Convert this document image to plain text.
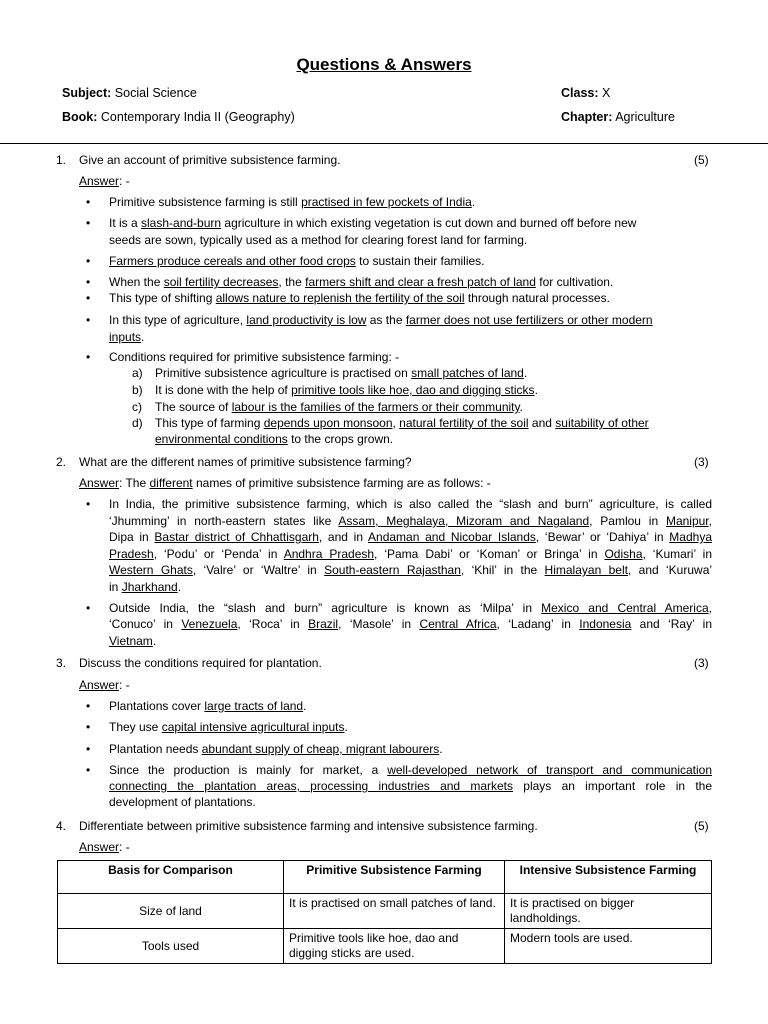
Questions & Answers
Subject: Social Science	Class: X
Book: Contemporary India II (Geography)	Chapter: Agriculture
1. Give an account of primitive subsistence farming.	(5)
Answer: -
• Primitive subsistence farming is still practised in few pockets of India.
• It is a slash-and-burn agriculture in which existing vegetation is cut down and burned off before new
seeds are sown, typically used as a method for clearing forest land for farming.
• Farmers produce cereals and other food crops to sustain their families.
• When the soil fertility decreases, the farmers shift and clear a fresh patch of land for cultivation.
• This type of shifting allows nature to replenish the fertility of the soil through natural processes.
• In this type of agriculture, land productivity is low as the farmer does not use fertilizers or other modern
inputs.
• Conditions required for primitive subsistence farming: -
a) Primitive subsistence agriculture is practised on small patches of land.
b) It is done with the help of primitive tools like hoe, dao and digging sticks.
c) The source of labour is the families of the farmers or their community.
d) This type of farming depends upon monsoon, natural fertility of the soil and suitability of other
environmental conditions to the crops grown.
2. What are the different names of primitive subsistence farming?	(3)
Answer: The different names of primitive subsistence farming are as follows: -
• In India, the primitive subsistence farming, which is also called the “slash and burn” agriculture, is called
‘Jhumming’ in north-eastern states like Assam, Meghalaya, Mizoram and Nagaland, Pamlou in Manipur,
Dipa in Bastar district of Chhattisgarh, and in Andaman and Nicobar Islands, ‘Bewar’ or ‘Dahiya’ in Madhya
Pradesh, ‘Podu’ or ‘Penda’ in Andhra Pradesh, ‘Pama Dabi’ or ‘Koman’ or Bringa’ in Odisha, ‘Kumari’ in
Western Ghats, ‘Valre’ or ‘Waltre’ in South-eastern Rajasthan, ‘Khil’ in the Himalayan belt, and ‘Kuruwa’
in Jharkhand.
• Outside India, the “slash and burn” agriculture is known as ‘Milpa’ in Mexico and Central America,
‘Conuco’ in Venezuela, ‘Roca’ in Brazil, ‘Masole’ in Central Africa, ‘Ladang’ in Indonesia and ‘Ray’ in
Vietnam.
3. Discuss the conditions required for plantation.	(3)
Answer: -
• Plantations cover large tracts of land.
• They use capital intensive agricultural inputs.
• Plantation needs abundant supply of cheap, migrant labourers.
• Since the production is mainly for market, a well-developed network of transport and communication
connecting the plantation areas, processing industries and markets plays an important role in the
development of plantations.
4. Differentiate between primitive subsistence farming and intensive subsistence farming.	(5)
Answer: -
Basis for Comparison	Primitive Subsistence Farming	Intensive Subsistence Farming
Size of land	It is practised on small patches of land.	It is practised on bigger landholdings.
Tools used	Primitive tools like hoe, dao and digging sticks are used.	Modern tools are used.
